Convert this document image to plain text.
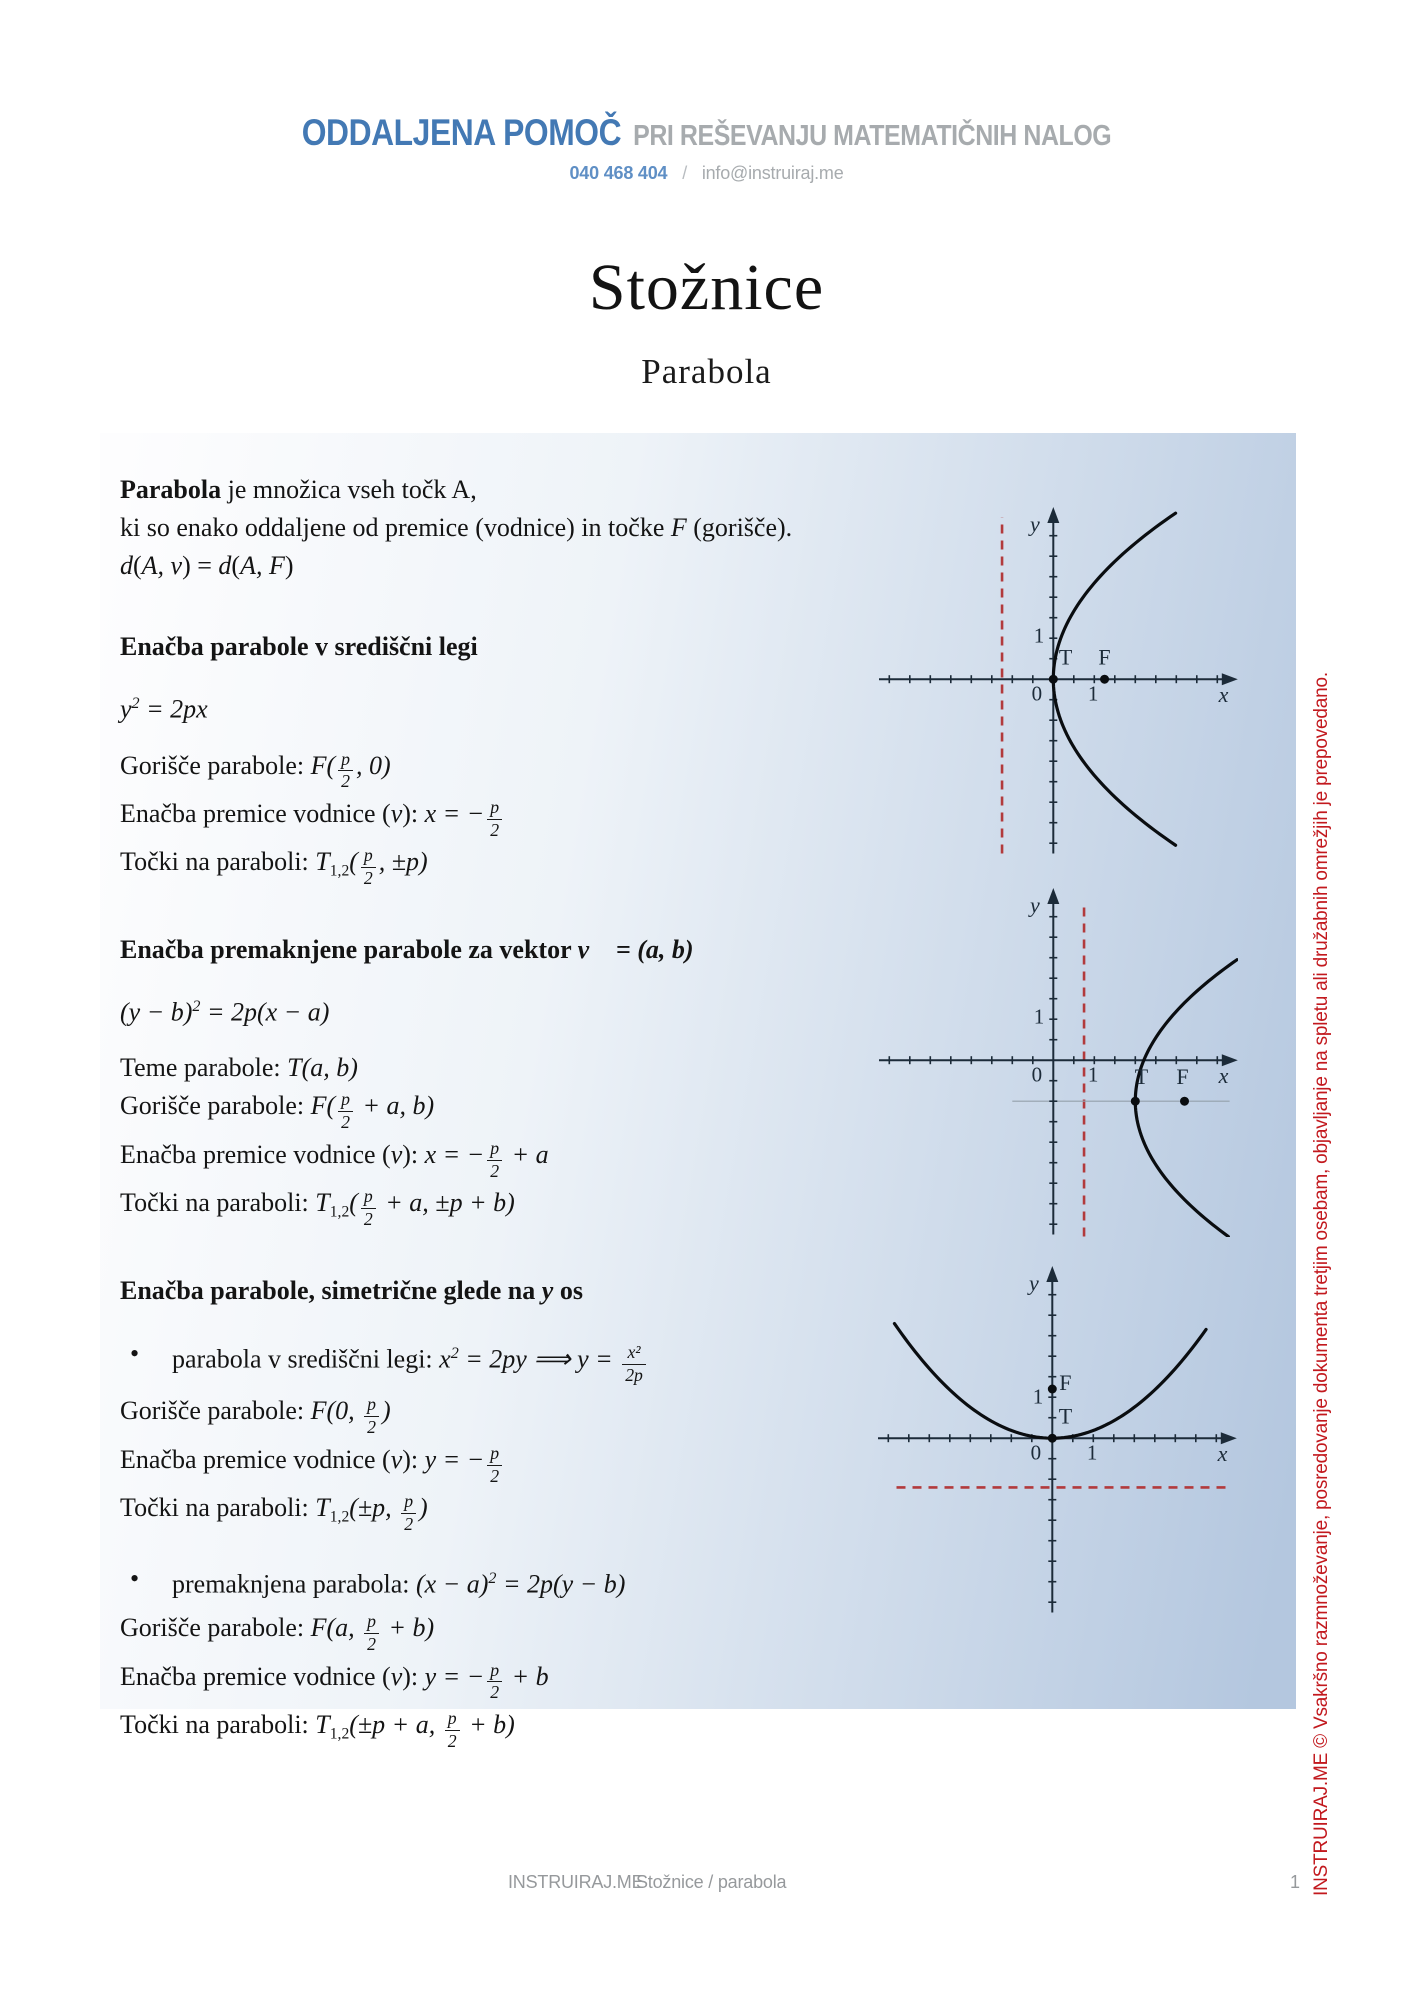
ODDALJENA POMOČ PRI REŠEVANJU MATEMATIČNIH NALOG
040 468 404 / info@instruiraj.me
Stožnice
Parabola
Parabola je množica vseh točk A,
ki so enako oddaljene od premice (vodnice) in točke F (gorišče).
d(A, v) = d(A, F)
Enačba parabole v središčni legi
$y^2 = 2px$
Gorišče parabole: $F( \frac{p}{2}$ , 0)
Enačba premice vodnice (v): x = − $\frac{p}{2}$
Točki na paraboli: $T_{1,2}( \frac{p}{2}$ , ±p)
Enačba premaknjene parabole za vektor v⃗ = (a, b)
$(y - b)^2 = 2p(x - a)$
Teme parabole: T(a, b)
Gorišče parabole: $F( \frac{p}{2} + a$, b)
Enačba premice vodnice (v): x = − $\frac{p}{2} + a$
Točki na paraboli: $T_{1,2}( \frac{p}{2} + a$, ±p + b)
Enačba parabole, simetrične glede na y os
• parabola v središčni legi: $x^2 = 2py$ ⟹ $y = \frac{\text{x²}}{2p}$
Gorišče parabole: F(0, $\frac{p}{2}$ )
Enačba premice vodnice (v): y = − $\frac{p}{2}$
Točki na paraboli: $T_{1,2}(\pm p$, $\frac{p}{2}$ )
• premaknjena parabola: $(x - a)^2 = 2p(y - b)$
Gorišče parabole: F(a, $\frac{p}{2} + b$)
Enačba premice vodnice (v): y = − $\frac{p}{2} + b$
Točki na paraboli: $T_{1,2}(\pm p + a$, $\frac{p}{2} + b$)
T F
0 1
1
x
y
T F
0 1
1
x
y
T
F
0 1
1
x
y	INSTRUIRAJ.ME © Vsakršno razmnoževanje, posredovanje dokumenta tretjim osebam, objavljanje na spletu ali družabnih omrežjih je prepovedano.
INSTRUIRAJ.ME
Stožnice / parabola	1
